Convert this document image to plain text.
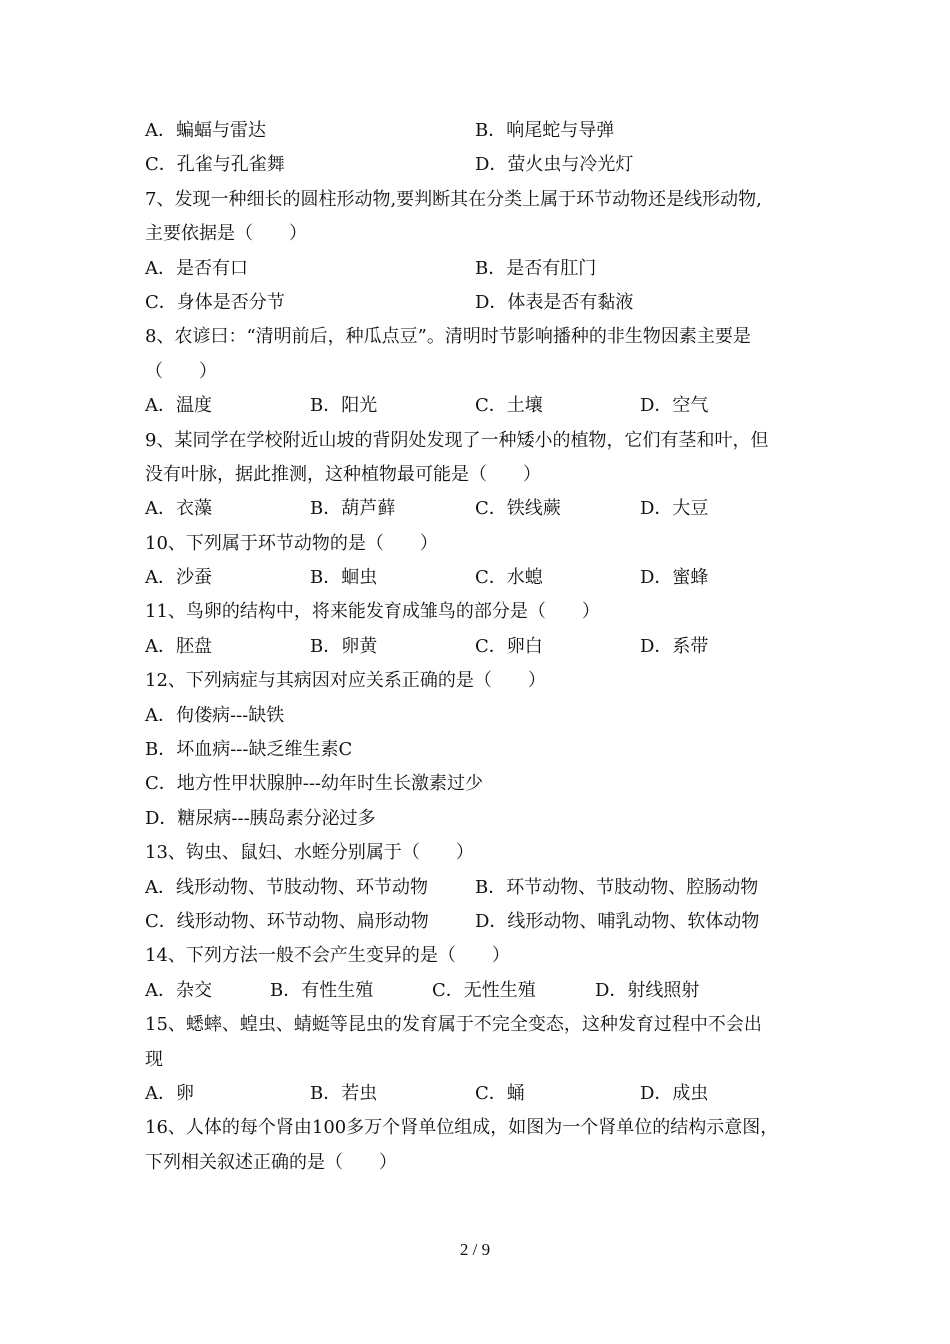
A．蝙蝠与雷达	B．响尾蛇与导弹
C．孔雀与孔雀舞	D．萤火虫与冷光灯
7、发现一种细长的圆柱形动物,要判断其在分类上属于环节动物还是线形动物,
主要依据是（　　）
A．是否有口	B．是否有肛门
C．身体是否分节	D．体表是否有黏液
8、农谚曰：“清明前后，种瓜点豆”。清明时节影响播种的非生物因素主要是
（　　）
A．温度	B．阳光	C．土壤	D．空气
9、某同学在学校附近山坡的背阴处发现了一种矮小的植物，它们有茎和叶，但
没有叶脉，据此推测，这种植物最可能是（　　）
A．衣藻	B．葫芦藓	C．铁线蕨	D．大豆
10、下列属于环节动物的是（　　）
A．沙蚕	B．蛔虫	C．水螅	D．蜜蜂
11、鸟卵的结构中，将来能发育成雏鸟的部分是（　　）
A．胚盘	B．卵黄	C．卵白	D．系带
12、下列病症与其病因对应关系正确的是（　　）
A．佝偻病---缺铁
B．坏血病---缺乏维生素C
C．地方性甲状腺肿---幼年时生长激素过少
D．糖尿病---胰岛素分泌过多
13、钩虫、鼠妇、水蛭分别属于（　　）
A．线形动物、节肢动物、环节动物	B．环节动物、节肢动物、腔肠动物
C．线形动物、环节动物、扁形动物	D．线形动物、哺乳动物、软体动物
14、下列方法一般不会产生变异的是（　　）
A．杂交	B．有性生殖	C．无性生殖	D．射线照射
15、蟋蟀、蝗虫、蜻蜓等昆虫的发育属于不完全变态，这种发育过程中不会出
现
A．卵	B．若虫	C．蛹	D．成虫
16、人体的每个肾由100多万个肾单位组成，如图为一个肾单位的结构示意图，
下列相关叙述正确的是（　　）
2 / 9
